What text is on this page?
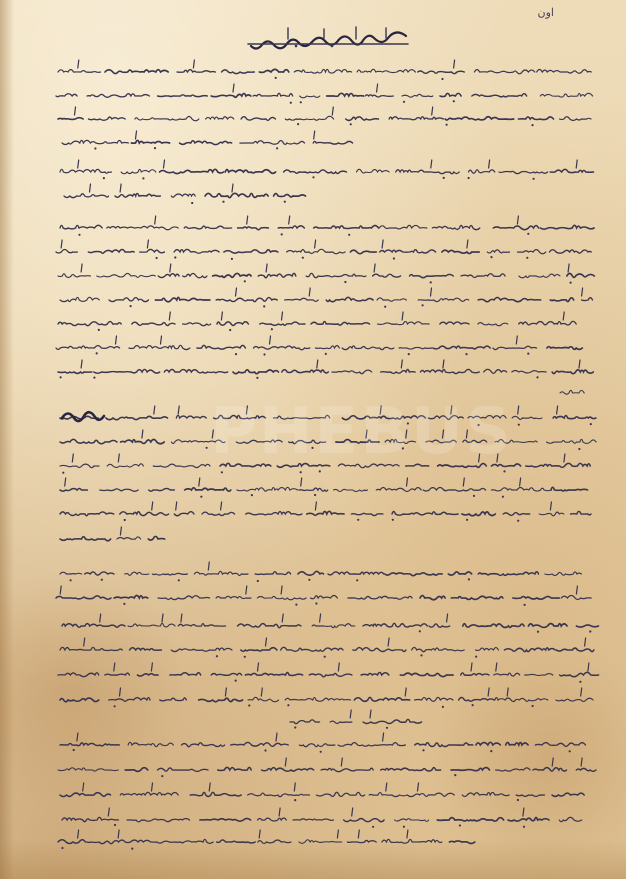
اون
PHEBUS
